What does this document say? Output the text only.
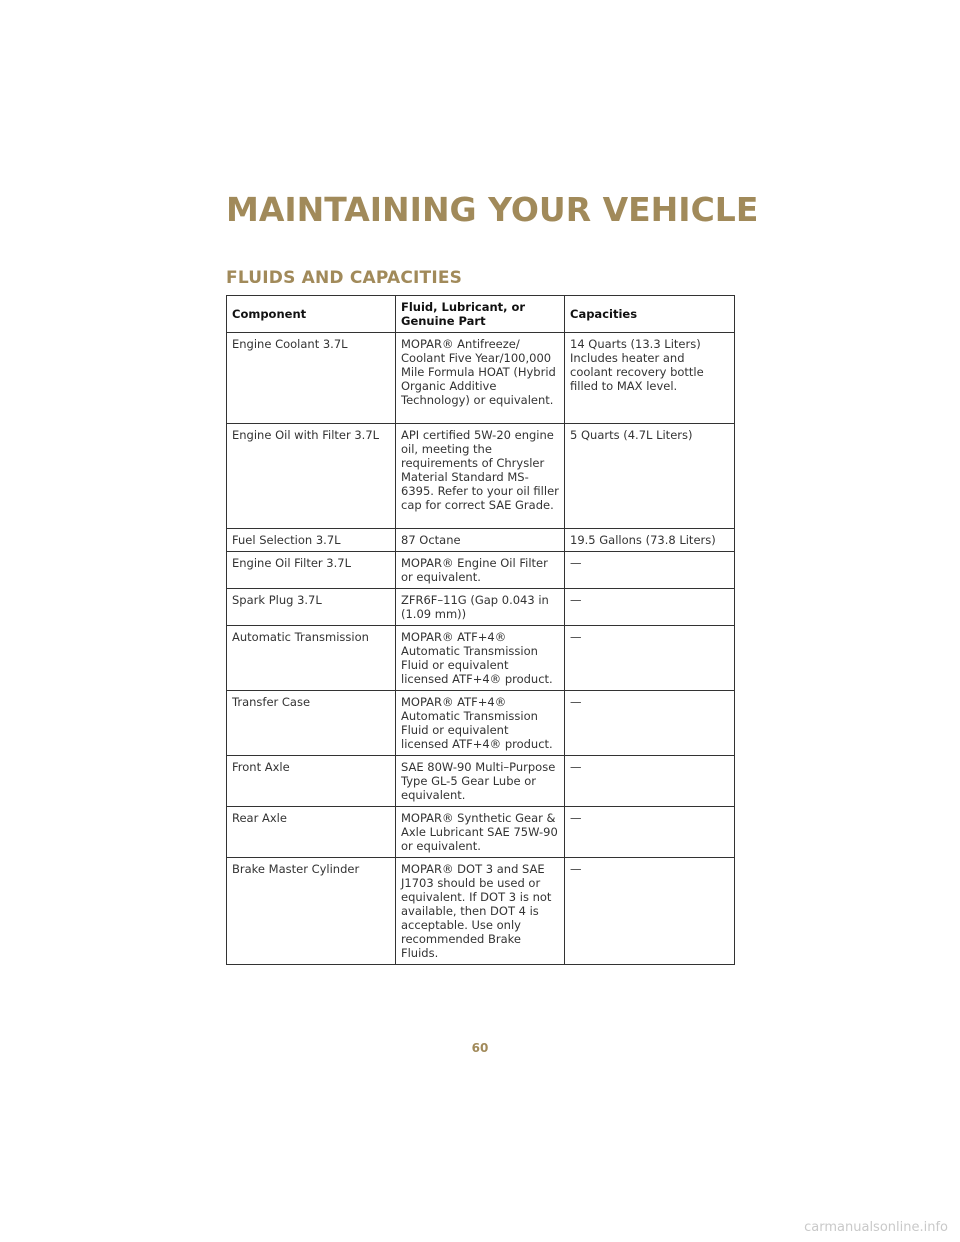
MAINTAINING YOUR VEHICLE
FLUIDS AND CAPACITIES
Component	Fluid, Lubricant, or Genuine Part	Capacities
Engine Coolant 3.7L	MOPAR® Antifreeze/ Coolant Five Year/100,000 Mile Formula HOAT (Hybrid Organic Additive Technology) or equivalent.	14 Quarts (13.3 Liters) Includes heater and coolant recovery bottle filled to MAX level.
Engine Oil with Filter 3.7L	API certified 5W-20 engine oil, meeting the requirements of Chrysler Material Standard MS-6395. Refer to your oil filler cap for correct SAE Grade.	5 Quarts (4.7L Liters)
Fuel Selection 3.7L	87 Octane	19.5 Gallons (73.8 Liters)
Engine Oil Filter 3.7L	MOPAR® Engine Oil Filter or equivalent.	—
Spark Plug 3.7L	ZFR6F–11G (Gap 0.043 in (1.09 mm))	—
Automatic Transmission	MOPAR® ATF+4® Automatic Transmission Fluid or equivalent licensed ATF+4® product.	—
Transfer Case	MOPAR® ATF+4® Automatic Transmission Fluid or equivalent licensed ATF+4® product.	—
Front Axle	SAE 80W-90 Multi–Purpose Type GL-5 Gear Lube or equivalent.	—
Rear Axle	MOPAR® Synthetic Gear & Axle Lubricant SAE 75W-90 or equivalent.	—
Brake Master Cylinder	MOPAR® DOT 3 and SAE J1703 should be used or equivalent. If DOT 3 is not available, then DOT 4 is acceptable. Use only recommended Brake Fluids.	—
60
carmanualsonline.info
